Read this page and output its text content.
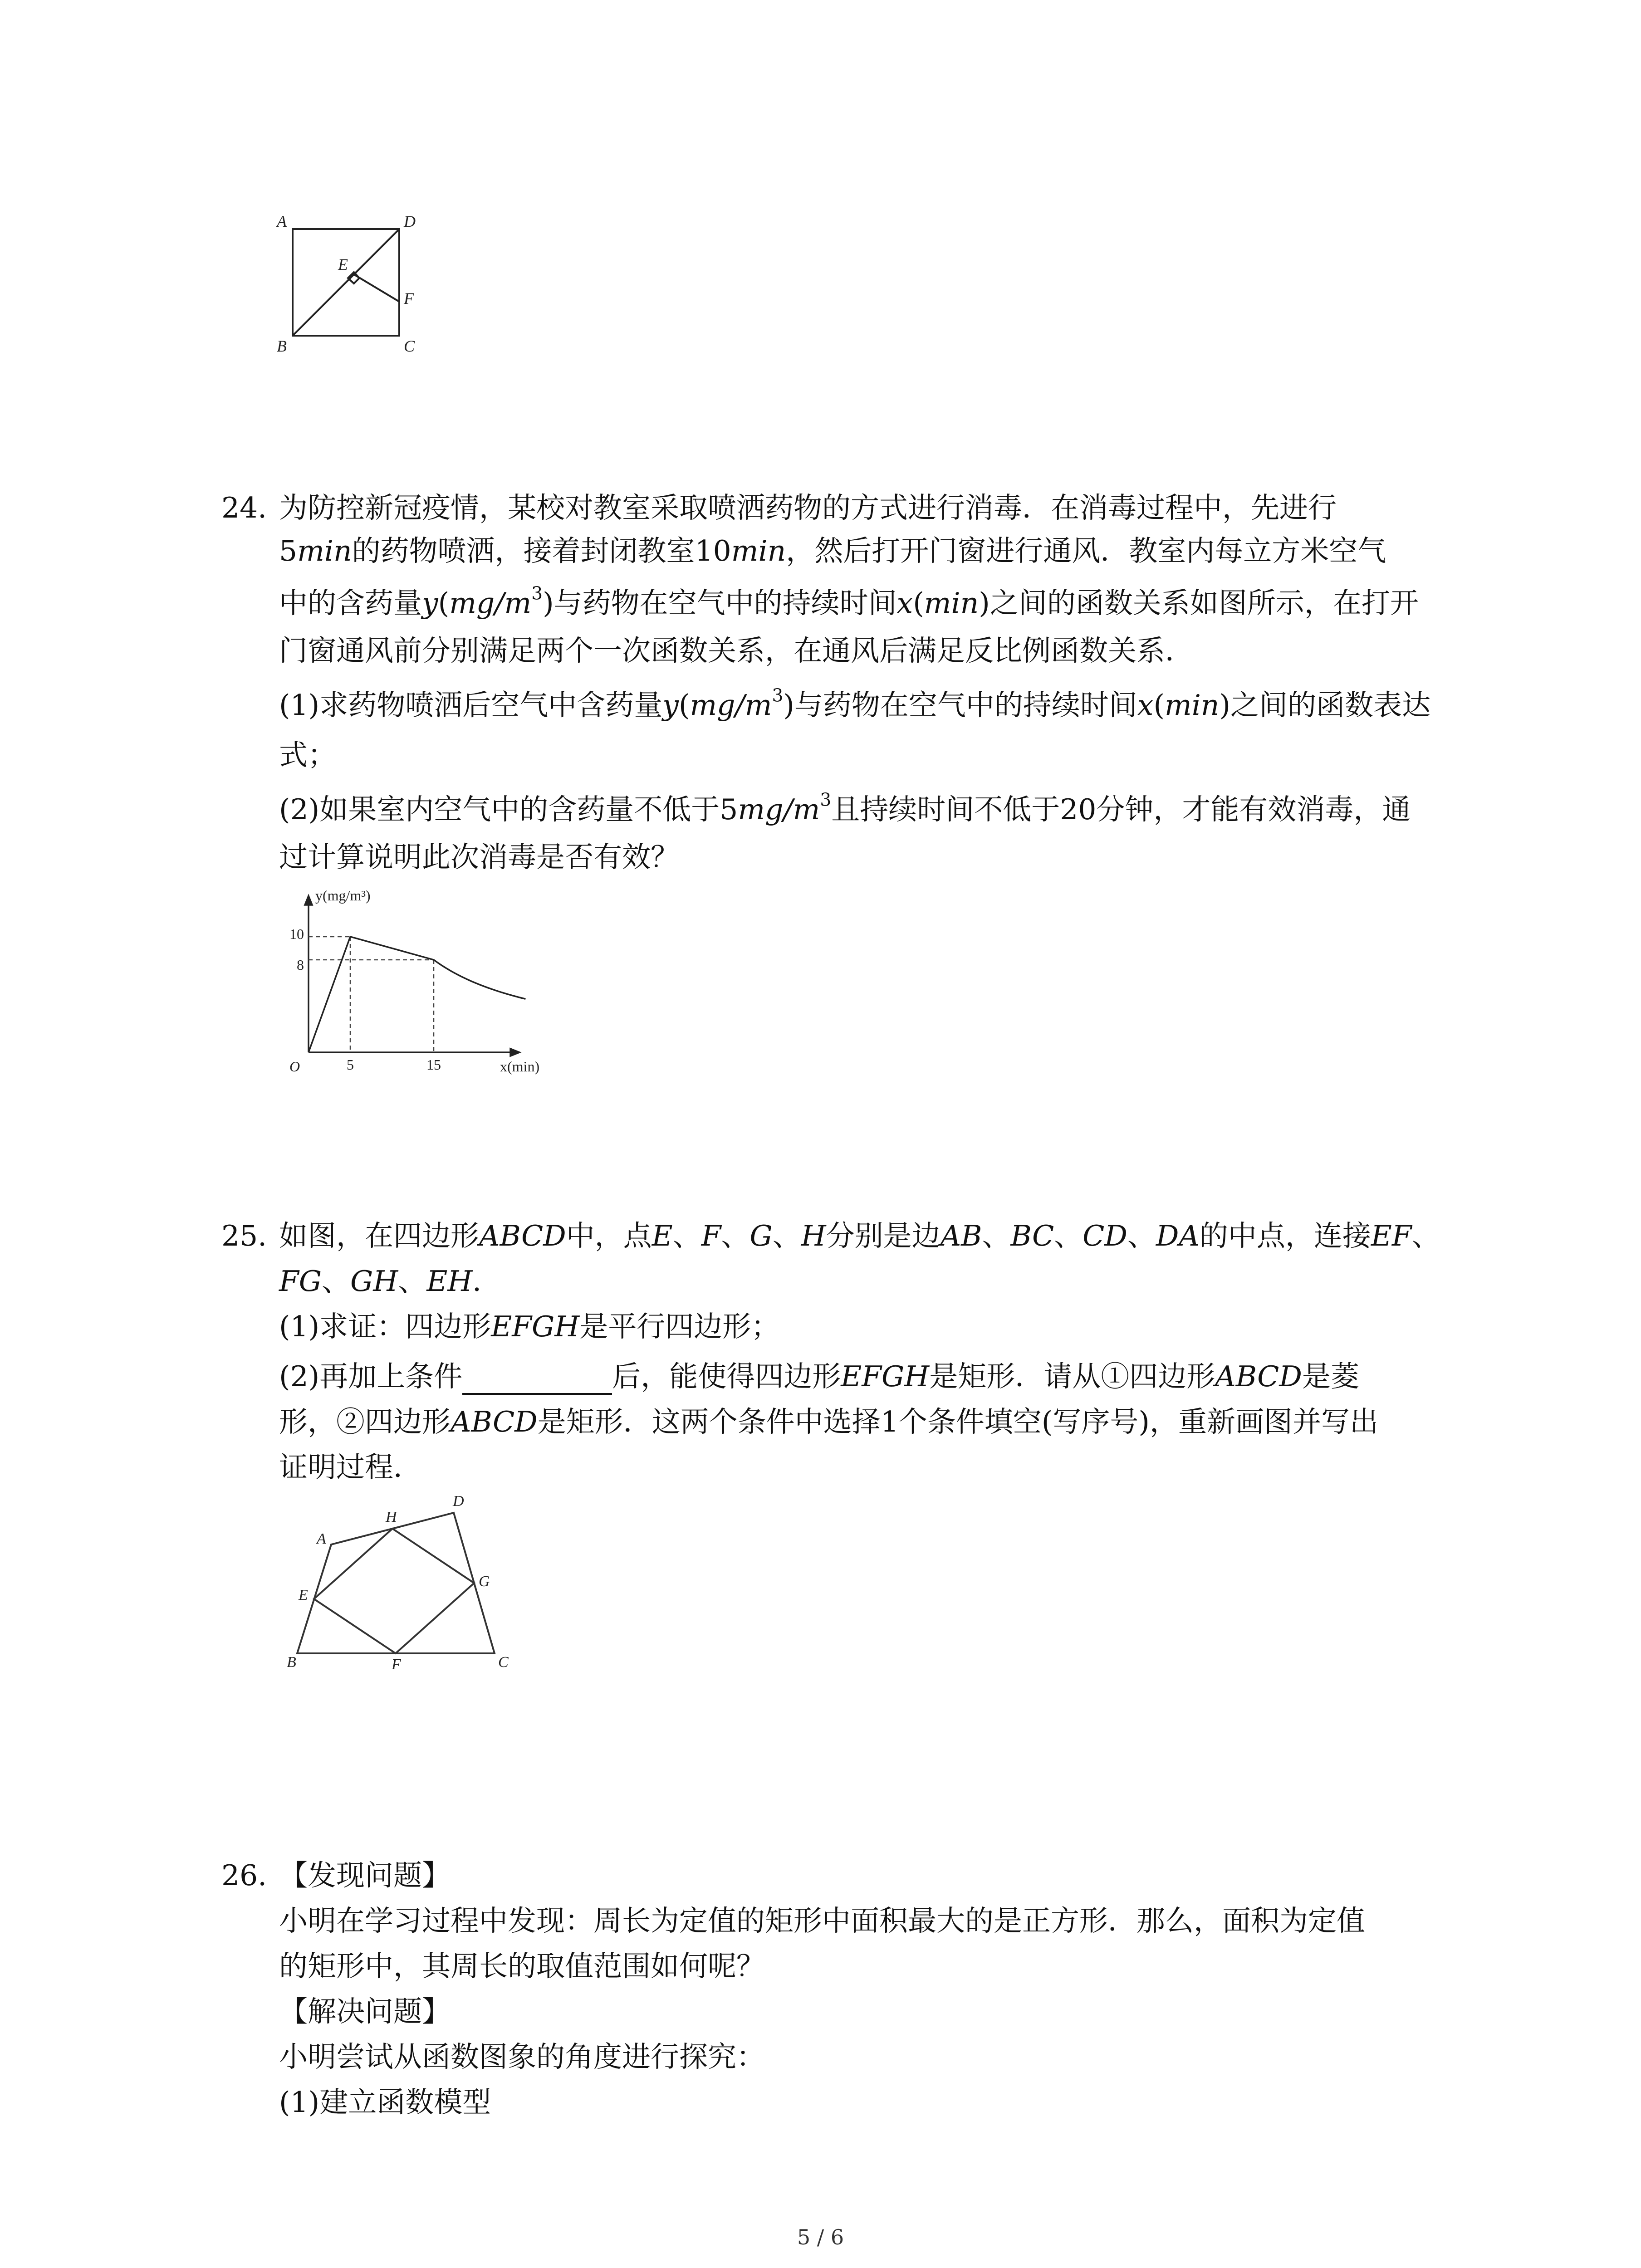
A	D
E
F
B	C
24. 为防控新冠疫情，某校对教室采取喷洒药物的方式进行消毒．在消毒过程中，先进行
5min的药物喷洒，接着封闭教室10min，然后打开门窗进行通风．教室内每立方米空气
中的含药量$y(mg/m^3)$与药物在空气中的持续时间x(min)之间的函数关系如图所示，在打开
门窗通风前分别满足两个一次函数关系，在通风后满足反比例函数关系．
(1)求药物喷洒后空气中含药量$y(mg/m^3)$与药物在空气中的持续时间x(min)之间的函数表达
式；
(2)如果室内空气中的含药量不低于$5mg/m^3$且持续时间不低于20分钟，才能有效消毒，通
过计算说明此次消毒是否有效？
y(mg/m³)
x(min)
O	5	15
10
8
25. 如图，在四边形ABCD中，点E、F、G、H分别是边AB、BC、CD、DA的中点，连接EF、
FG、GH、EH．
(1)求证：四边形EFGH是平行四边形；
(2)再加上条件	后，能使得四边形EFGH是矩形．请从①四边形ABCD是菱
形，②四边形ABCD是矩形．这两个条件中选择1个条件填空(写序号)，重新画图并写出
证明过程．
A
H
D
E
G
B	F	C
26. 【发现问题】
小明在学习过程中发现：周长为定值的矩形中面积最大的是正方形．那么，面积为定值
的矩形中，其周长的取值范围如何呢？
【解决问题】
小明尝试从函数图象的角度进行探究：
(1)建立函数模型
5 / 6
